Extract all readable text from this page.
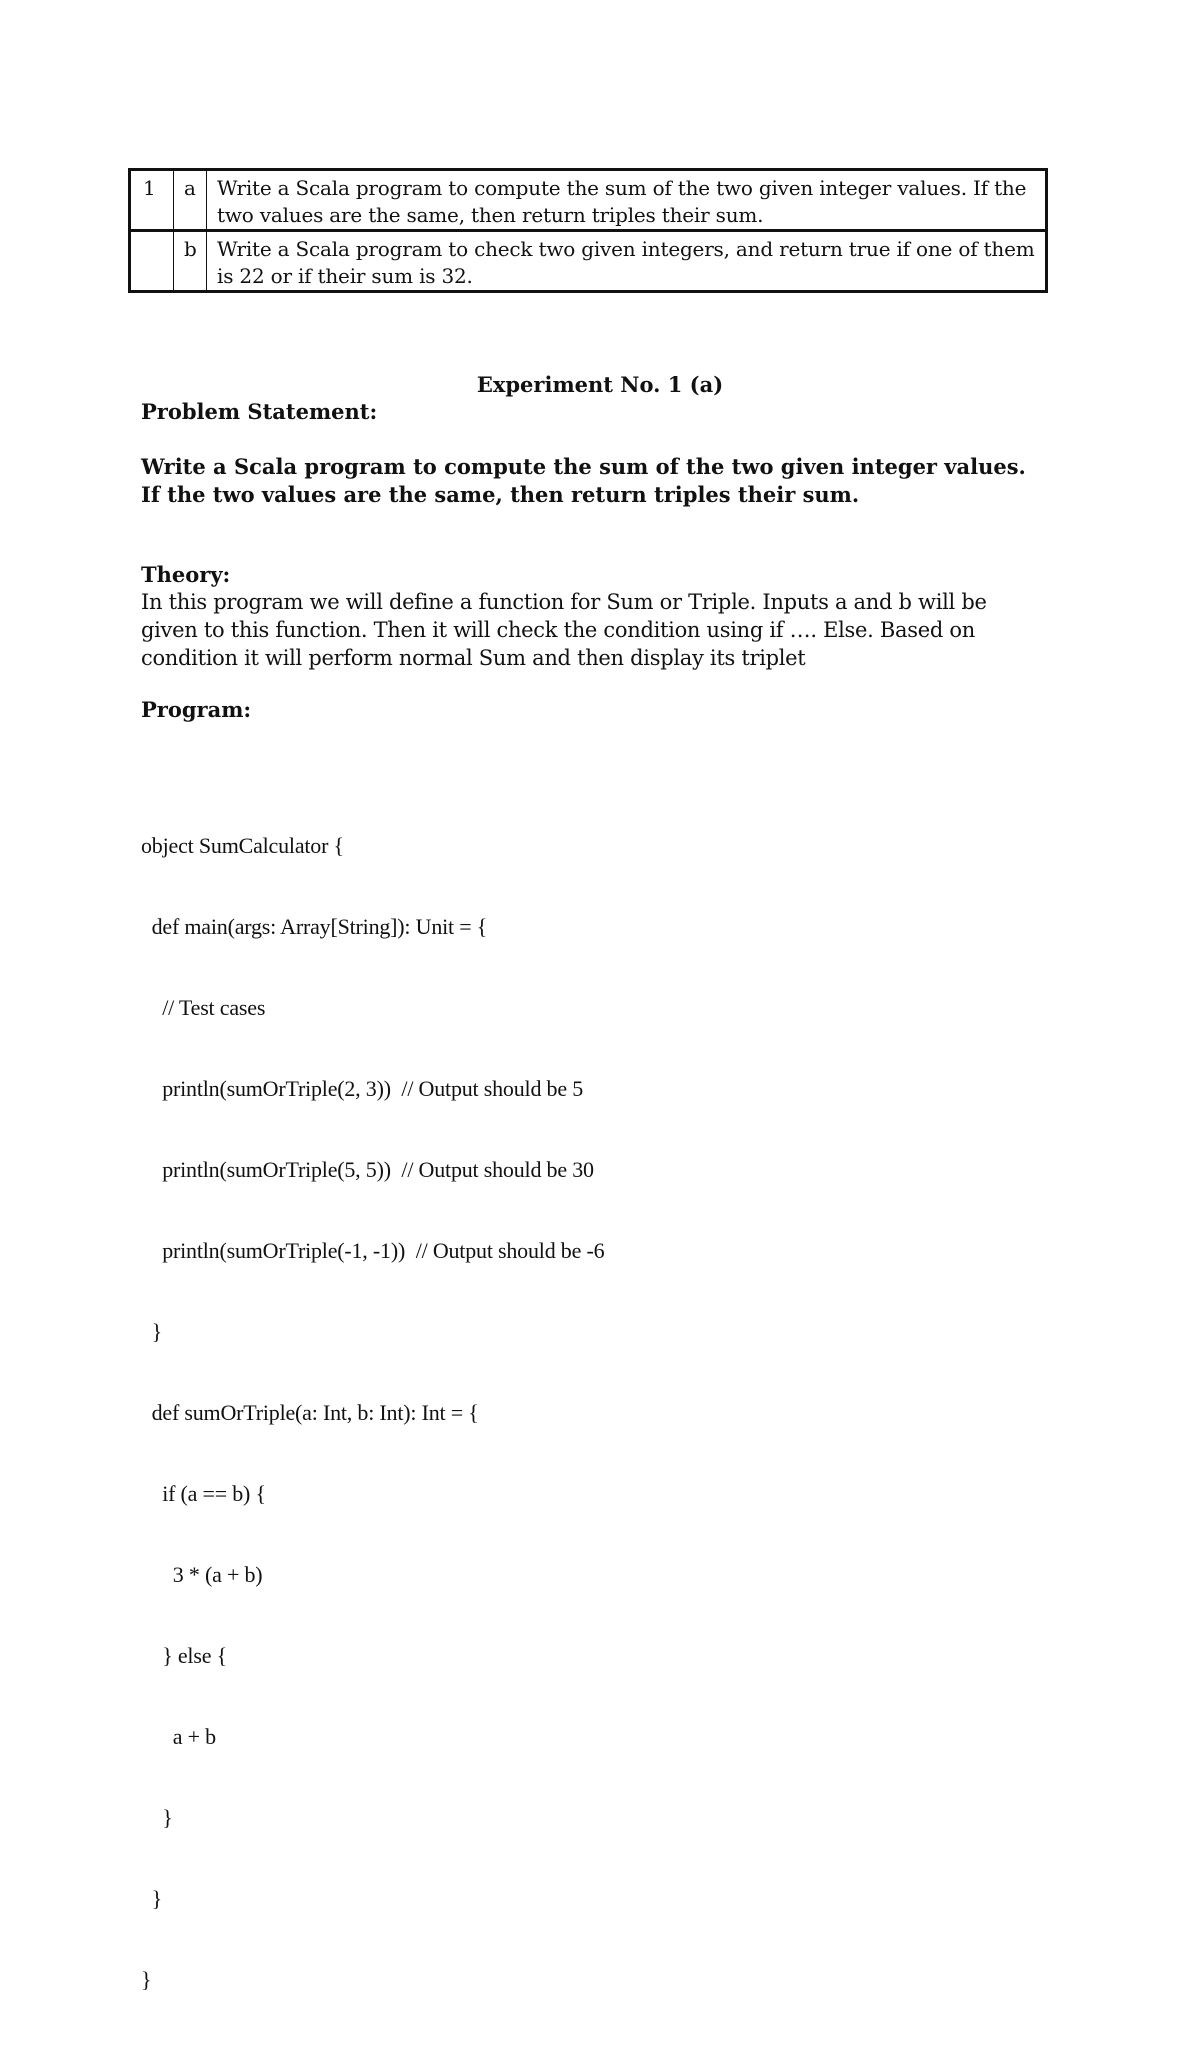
1	a	Write a Scala program to compute the sum of the two given integer values. If the two values are the same, then return triples their sum.
	b	Write a Scala program to check two given integers, and return true if one of them is 22 or if their sum is 32.
Experiment No. 1 (a)
Problem Statement:
Write a Scala program to compute the sum of the two given integer values. If the two values are the same, then return triples their sum.
Theory:
In this program we will define a function for Sum or Triple. Inputs a and b will be given to this function. Then it will check the condition using if …. Else. Based on condition it will perform normal Sum and then display its triplet
Program:

object SumCalculator {

def main(args: Array[String]): Unit = {

// Test cases

println(sumOrTriple(2, 3))  // Output should be 5

println(sumOrTriple(5, 5))  // Output should be 30

println(sumOrTriple(-1, -1))  // Output should be -6

}

def sumOrTriple(a: Int, b: Int): Int = {

if (a == b) {

3 * (a + b)

} else {

a + b

}

}

}
